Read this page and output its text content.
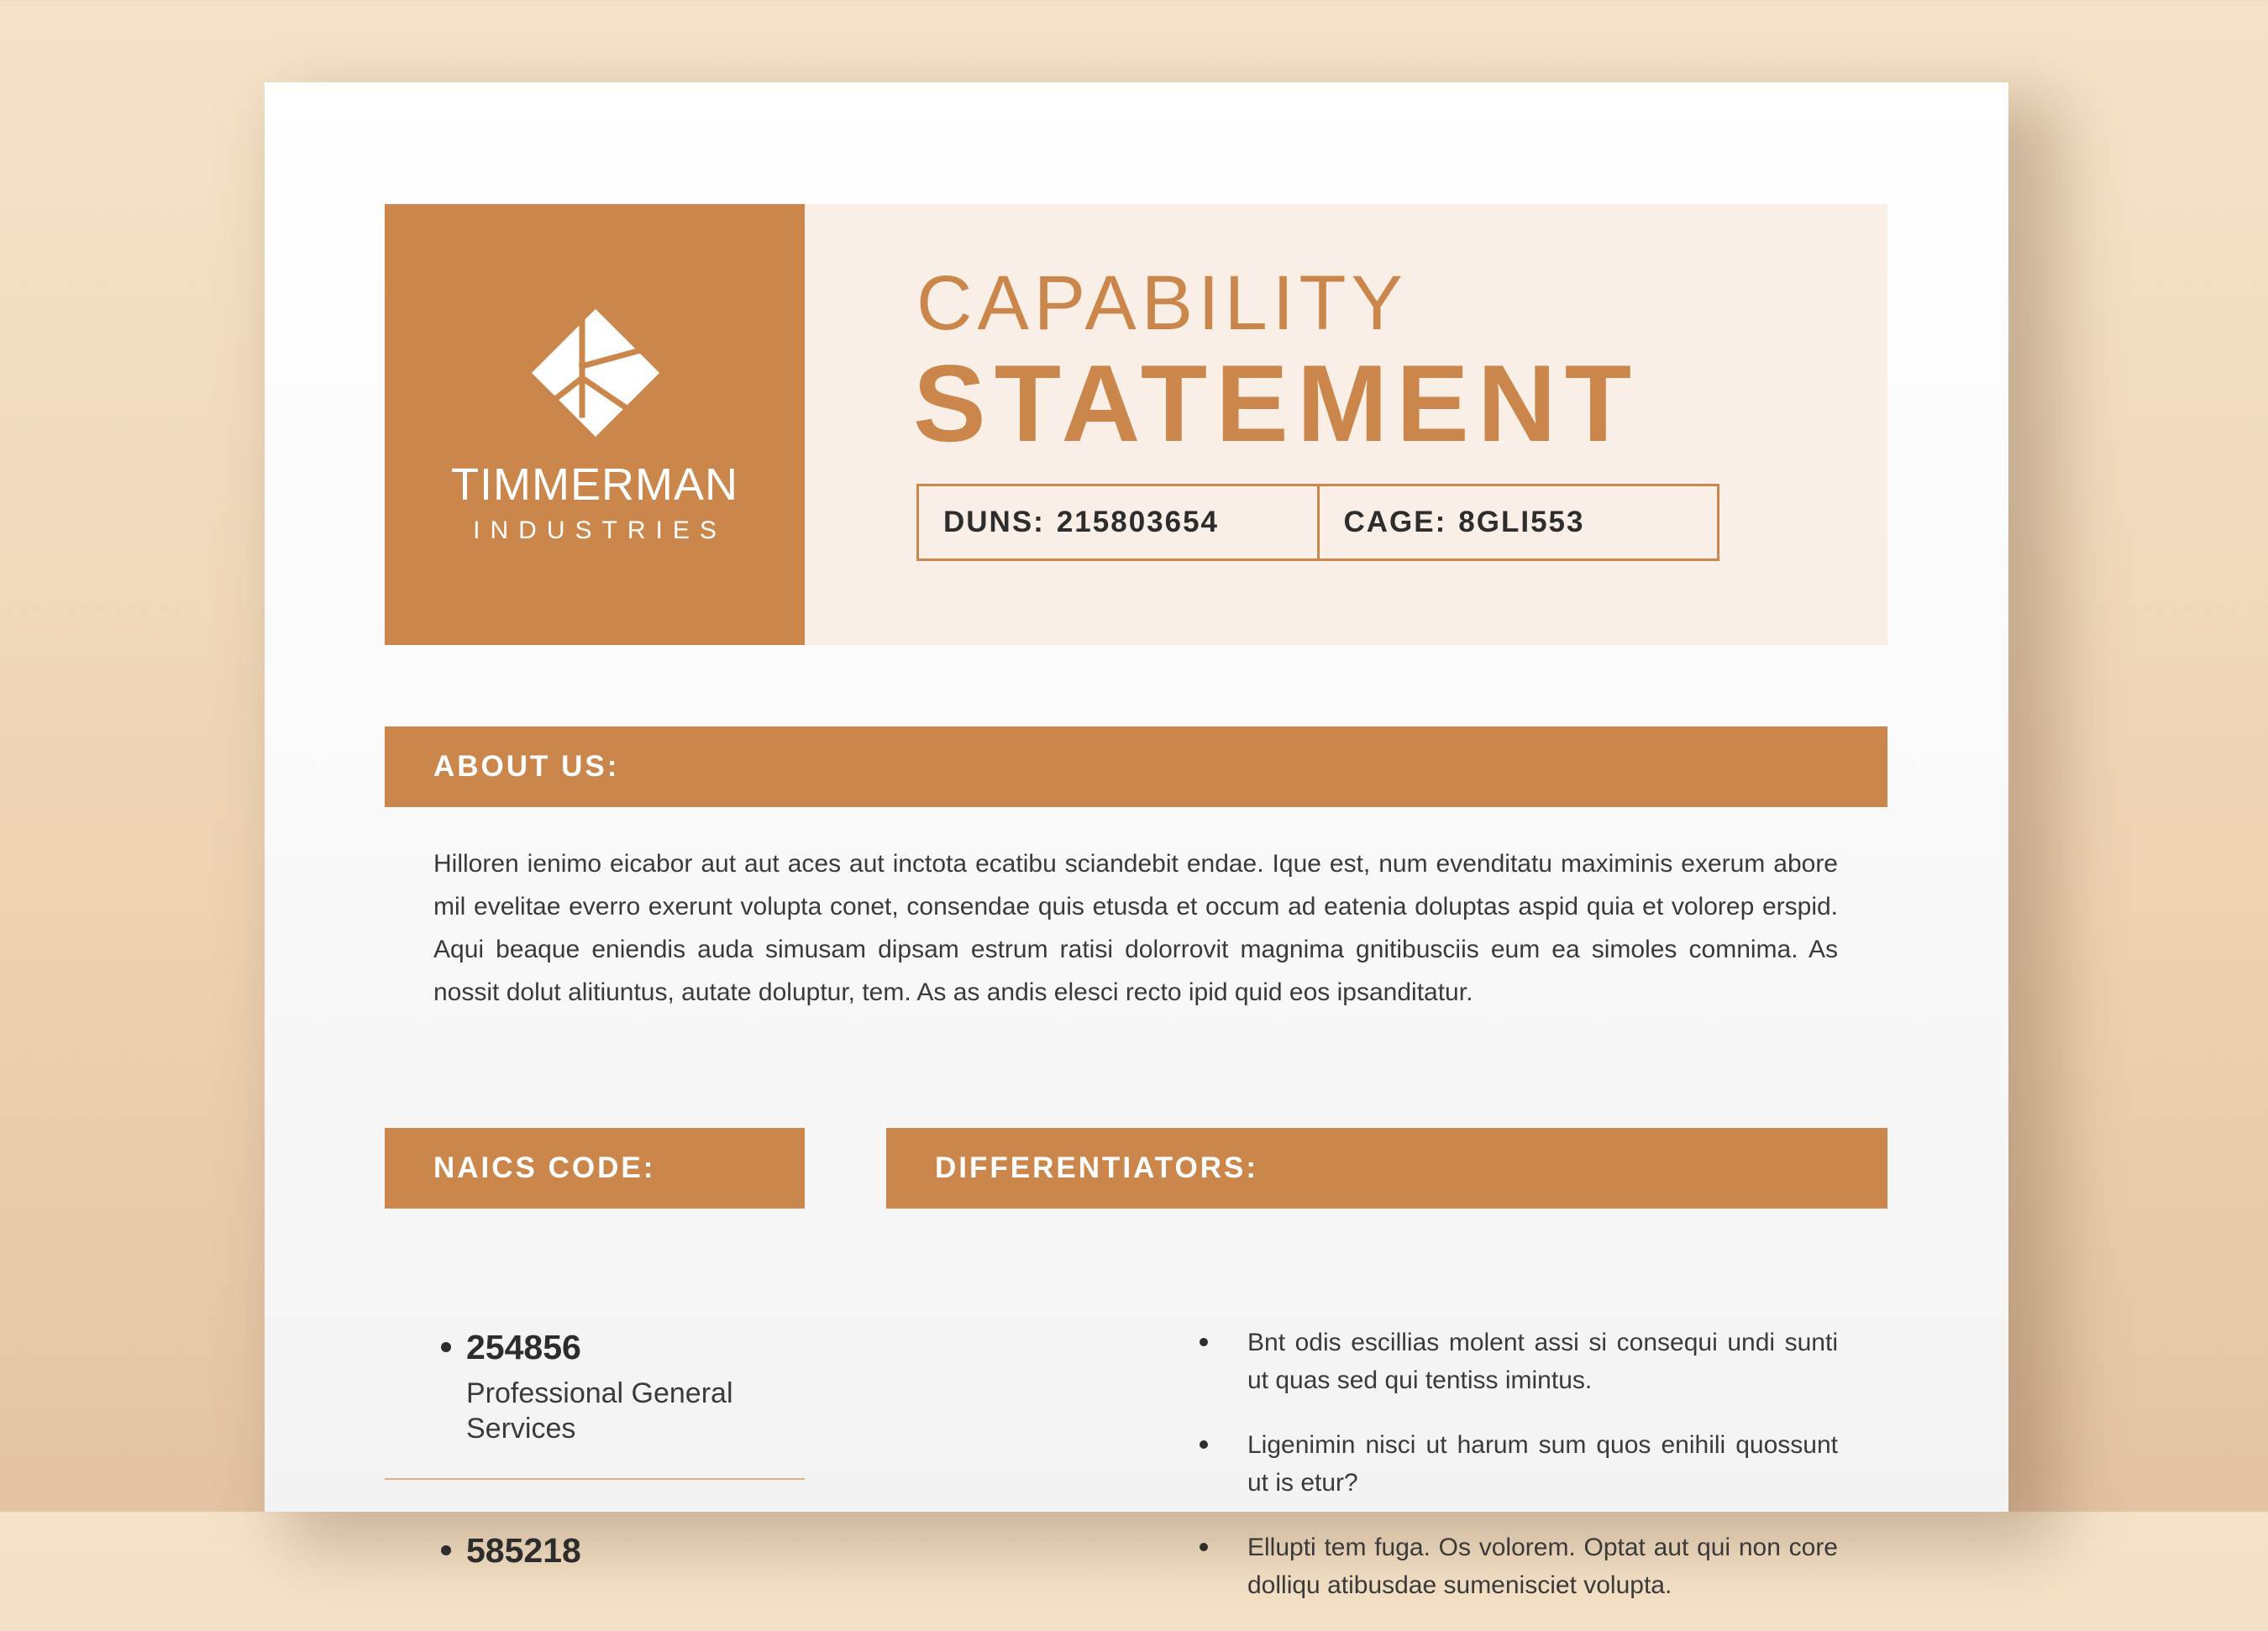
TIMMERMAN
INDUSTRIES
CAPABILITY
STATEMENT
DUNS: 215803654	CAGE: 8GLI553
ABOUT US:
Hilloren ienimo eicabor aut aut aces aut inctota ecatibu sciandebit endae. Ique est, num evenditatu maximinis exerum abore mil evelitae everro exerunt volupta conet, consendae quis etusda et occum ad eatenia doluptas aspid quia et volorep erspid. Aqui beaque eniendis auda simusam dipsam estrum ratisi dolorrovit magnima gnitibusciis eum ea simoles comnima. As nossit dolut alitiuntus, autate doluptur, tem. As as andis elesci recto ipid quid eos ipsanditatur.
NAICS CODE:
254856
Professional General Services
585218
DIFFERENTIATORS:
Bnt odis escillias molent assi si consequi undi sunti ut quas sed qui tentiss imintus.
Ligenimin nisci ut harum sum quos enihili quossunt ut is etur?
Ellupti tem fuga. Os volorem. Optat aut qui non core dolliqu atibusdae sumenisciet volupta.
